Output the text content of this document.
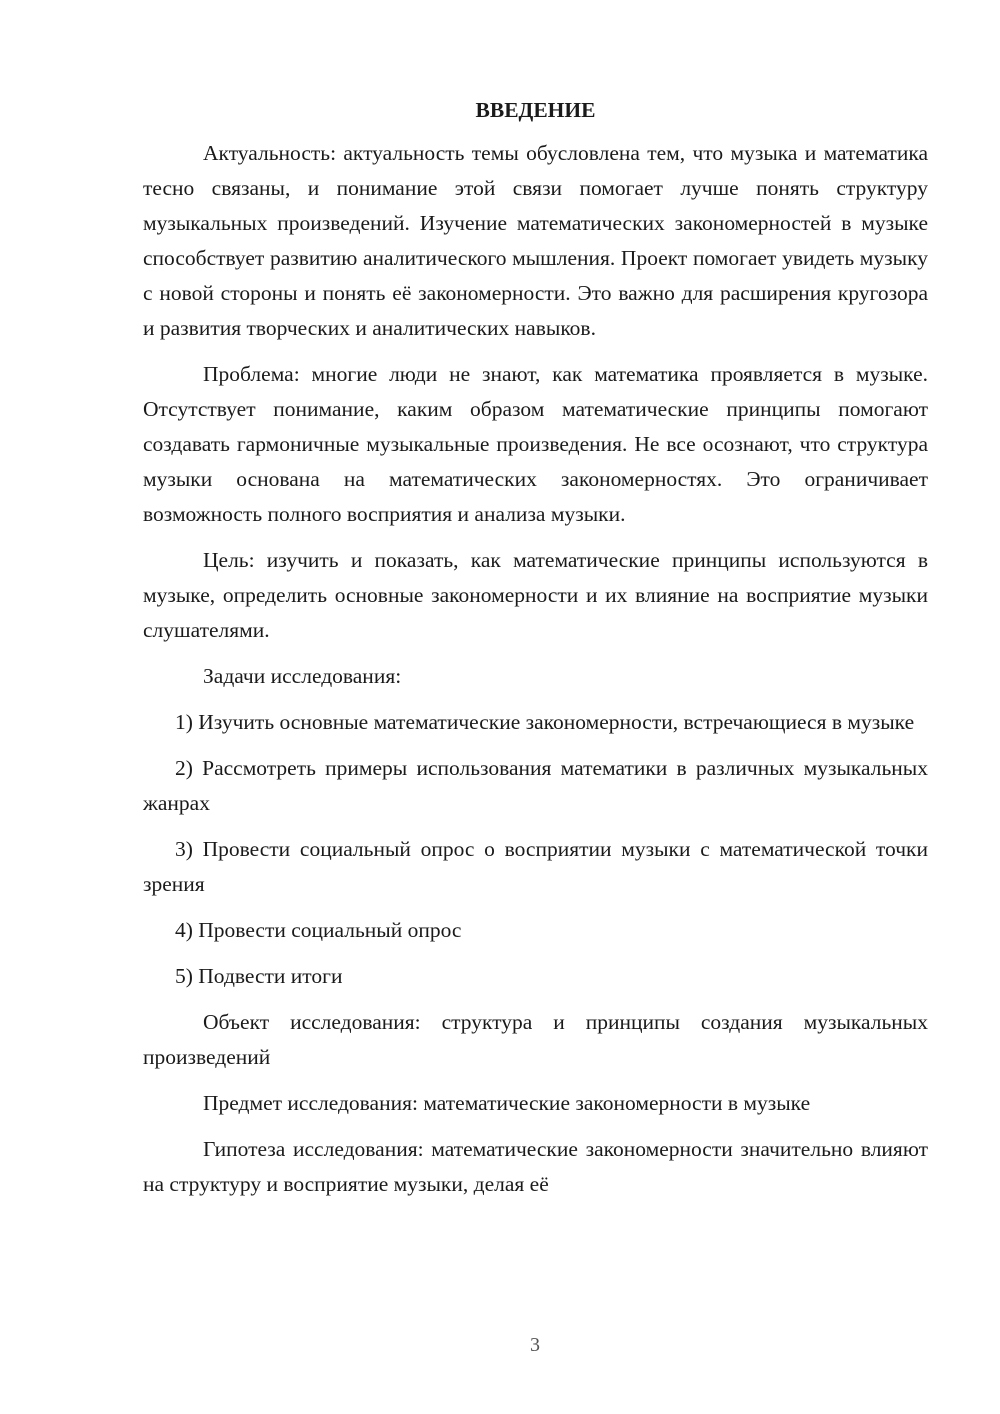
ВВЕДЕНИЕ

Актуальность: актуальность темы обусловлена тем, что музыка и математика тесно связаны, и понимание этой связи помогает лучше понять структуру музыкальных произведений. Изучение математических закономерностей в музыке способствует развитию аналитического мышления. Проект помогает увидеть музыку с новой стороны и понять её закономерности. Это важно для расширения кругозора и развития творческих и аналитических навыков.

Проблема: многие люди не знают, как математика проявляется в музыке. Отсутствует понимание, каким образом математические принципы помогают создавать гармоничные музыкальные произведения. Не все осознают, что структура музыки основана на математических закономерностях. Это ограничивает возможность полного восприятия и анализа музыки.

Цель: изучить и показать, как математические принципы используются в музыке, определить основные закономерности и их влияние на восприятие музыки слушателями.

Задачи исследования:

1) Изучить основные математические закономерности, встречающиеся в музыке

2) Рассмотреть примеры использования математики в различных музыкальных жанрах

3) Провести социальный опрос о восприятии музыки с математической точки зрения

4) Провести социальный опрос

5) Подвести итоги

Объект исследования: структура и принципы создания музыкальных произведений

Предмет исследования: математические закономерности в музыке

Гипотеза исследования: математические закономерности значительно влияют на структуру и восприятие музыки, делая её

3
